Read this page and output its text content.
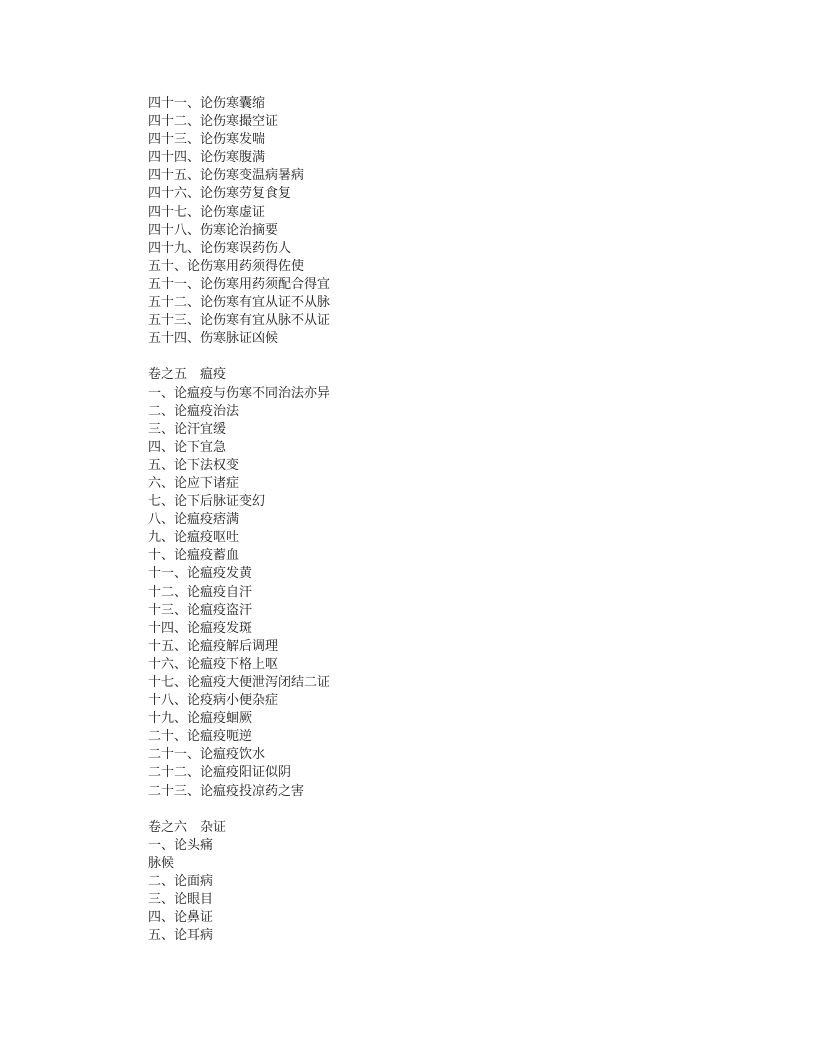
四十一、论伤寒囊缩
四十二、论伤寒撮空证
四十三、论伤寒发喘
四十四、论伤寒腹满
四十五、论伤寒变温病暑病
四十六、论伤寒劳复食复
四十七、论伤寒虚证
四十八、伤寒论治摘要
四十九、论伤寒误药伤人
五十、论伤寒用药须得佐使
五十一、论伤寒用药须配合得宜
五十二、论伤寒有宜从证不从脉
五十三、论伤寒有宜从脉不从证
五十四、伤寒脉证凶候
卷之五　瘟疫
一、论瘟疫与伤寒不同治法亦异
二、论瘟疫治法
三、论汗宜缓
四、论下宜急
五、论下法权变
六、论应下诸症
七、论下后脉证变幻
八、论瘟疫痞满
九、论瘟疫呕吐
十、论瘟疫蓄血
十一、论瘟疫发黄
十二、论瘟疫自汗
十三、论瘟疫盗汗
十四、论瘟疫发斑
十五、论瘟疫解后调理
十六、论瘟疫下格上呕
十七、论瘟疫大便泄泻闭结二证
十八、论疫病小便杂症
十九、论瘟疫蛔厥
二十、论瘟疫呃逆
二十一、论瘟疫饮水
二十二、论瘟疫阳证似阴
二十三、论瘟疫投凉药之害
卷之六　杂证
一、论头痛
脉候
二、论面病
三、论眼目
四、论鼻证
五、论耳病
